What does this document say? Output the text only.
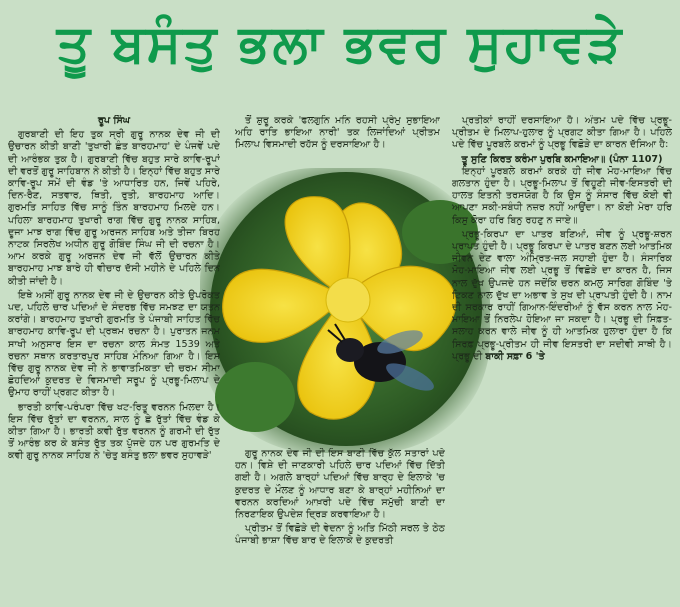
ਤੂ ਬਸੰਤੁ ਭਲਾ ਭਵਰ ਸੁਹਾਵੜੇ
ਰੂਪ ਸਿੰਘ

ਗੁਰਬਾਣੀ ਦੀ ਇਹ ਤੁਕ ਸ੍ਰੀ ਗੁਰੂ ਨਾਨਕ ਦੇਵ ਜੀ ਦੀ ਉਚਾਰਨ ਕੀਤੀ ਬਾਣੀ 'ਤੁਖਾਰੀ ਛੰਤ ਬਾਰਹਮਾਹ' ਦੇ ਪੰਜਵੇਂ ਪਦੇ ਦੀ ਆਰੰਭਕ ਤੁਕ ਹੈ। ਗੁਰਬਾਣੀ ਵਿੱਚ ਬਹੁਤ ਸਾਰੇ ਕਾਵਿ-ਰੂਪਾਂ ਦੀ ਵਰਤੋਂ ਗੁਰੂ ਸਾਹਿਬਾਨ ਨੇ ਕੀਤੀ ਹੈ। ਇਨ੍ਹਾਂ ਵਿੱਚ ਬਹੁਤ ਸਾਰੇ ਕਾਵਿ-ਰੂਪ ਸਮੇਂ ਦੀ ਵੰਡ 'ਤੇ ਆਧਾਰਿਤ ਹਨ, ਜਿਵੇਂ ਪਹਿਰੇ, ਦਿਨ-ਰੈਣ, ਸਤਵਾਰ, ਥਿਤੀ, ਰੁਤੀ, ਬਾਰਹਮਾਹ ਆਦਿ। ਗੁਰਮਤਿ ਸਾਹਿਤ ਵਿੱਚ ਸਾਨੂੰ ਤਿੰਨ ਬਾਰਹਮਾਹ ਮਿਲਦੇ ਹਨ। ਪਹਿਲਾ ਬਾਰਹਮਾਹ ਤੁਖਾਰੀ ਰਾਗ ਵਿੱਚ ਗੁਰੂ ਨਾਨਕ ਸਾਹਿਬ, ਦੂਜਾ ਮਾਝ ਰਾਗ ਵਿੱਚ ਗੁਰੂ ਅਰਜਨ ਸਾਹਿਬ ਅਤੇ ਤੀਜਾ ਬਿਰਹ ਨਾਟਕ ਸਿਰਲੇਖ ਅਧੀਨ ਗੁਰੂ ਗੋਬਿੰਦ ਸਿੰਘ ਜੀ ਦੀ ਰਚਨਾ ਹੈ। ਆਮ ਕਰਕੇ ਗੁਰੂ ਅਰਜਨ ਦੇਵ ਜੀ ਵੱਲੋਂ ਉਚਾਰਨ ਕੀਤੇ ਬਾਰਹਮਾਹ ਮਾਝ ਬਾਰੇ ਹੀ ਵੀਚਾਰ ਦੱਸੀ ਮਹੀਨੇ ਦੇ ਪਹਿਲੇ ਦਿਨ ਕੀਤੀ ਜਾਂਦੀ ਹੈ।

ਇਥੇ ਅਸੀਂ ਗੁਰੂ ਨਾਨਕ ਦੇਵ ਜੀ ਦੇ ਉਚਾਰਨ ਕੀਤੇ ਉਪਰੋਕਤ ਪਦ, ਪਹਿਲੇ ਚਾਰ ਪਦਿਆਂ ਦੇ ਸੰਦਰਭ ਵਿੱਚ ਸਮਝਣ ਦਾ ਯਤਨ ਕਰਾਂਗੇ। ਬਾਰਹਮਾਹ ਤੁਖਾਰੀ ਗੁਰਮਤਿ ਤੇ ਪੰਜਾਬੀ ਸਾਹਿਤ ਵਿੱਚ ਬਾਰਹਮਾਹ ਕਾਵਿ-ਰੂਪ ਦੀ ਪ੍ਰਥਮ ਰਚਨਾ ਹੈ। ਪੁਰਾਤਨ ਜਨਮ ਸਾਖੀ ਅਨੁਸਾਰ ਇਸ ਦਾ ਰਚਨਾ ਕਾਲ ਸੰਮਤ 1539 ਅਤੇ ਰਚਨਾ ਸਥਾਨ ਕਰਤਾਰਪੁਰ ਸਾਹਿਬ ਮੰਨਿਆ ਗਿਆ ਹੈ। ਇਸ ਵਿੱਚ ਗੁਰੂ ਨਾਨਕ ਦੇਵ ਜੀ ਨੇ ਭਾਵਾਤਮਿਕਤਾ ਦੀ ਚਰਮ ਸੀਮਾ ਛੋਹਦਿਆਂ ਕੁਦਰਤ ਦੇ ਵਿਸਮਾਦੀ ਸਰੂਪ ਨੂੰ ਪ੍ਰਭੂ-ਮਿਲਾਪ ਦੇ ਉਮਾਹ ਰਾਹੀਂ ਪ੍ਰਗਟ ਕੀਤਾ ਹੈ।

ਭਾਰਤੀ ਕਾਵਿ-ਪਰੰਪਰਾ ਵਿੱਚ ਖਟ-ਰਿਤੂ ਵਰਨਨ ਮਿਲਦਾ ਹੈ। ਇਸ ਵਿੱਚ ਰੁੱਤਾਂ ਦਾ ਵਰਨਨ, ਸਾਲ ਨੂੰ ਛੇ ਰੁੱਤਾਂ ਵਿੱਚ ਵੰਡ ਕੇ ਕੀਤਾ ਗਿਆ ਹੈ। ਭਾਰਤੀ ਕਵੀ ਰੁੱਤ ਵਰਨਨ ਨੂੰ ਗਰਮੀ ਦੀ ਰੁੱਤ ਤੋਂ ਆਰੰਭ ਕਰ ਕੇ ਬਸੰਤ ਰੁੱਤ ਤਕ ਪੁੱਜਦੇ ਹਨ ਪਰ ਗੁਰਮਤਿ ਦੇ ਕਵੀ ਗੁਰੂ ਨਾਨਕ ਸਾਹਿਬ ਨੇ 'ਚੇਤੁ ਬਸੰਤੁ ਭਲਾ ਭਵਰ ਸੁਹਾਵੜੇ'

ਤੋਂ ਸ਼ੁਰੂ ਕਰਕੇ 'ਫਲਗੁਨਿ ਮਨਿ ਰਹਸੀ ਪ੍ਰੇਮੁ ਸੁਭਾਇਆ ਅਹਿ ਰਾਤਿ ਭਾਇਆ ਨਾਰੀ' ਤਕ ਲਿਜਾਂਦਿਆਂ ਪ੍ਰੀਤਮ ਮਿਲਾਪ ਵਿਸਮਾਦੀ ਰਹੱਸ ਨੂੰ ਦਰਸਾਇਆ ਹੈ।

ਗੁਰੂ ਨਾਨਕ ਦੇਵ ਜੀ ਦੀ ਇਸ ਬਾਣੀ ਵਿੱਚ ਕੁੱਲ ਸਤਾਰਾਂ ਪਦੇ ਹਨ। ਵਿਸ਼ੇ ਦੀ ਜਾਣਕਾਰੀ ਪਹਿਲੇ ਚਾਰ ਪਦਿਆਂ ਵਿੱਚ ਦਿੱਤੀ ਗਈ ਹੈ। ਅਗਲੇ ਬਾਰ੍ਹਾਂ ਪਦਿਆਂ ਵਿੱਚ ਬਾਰ੍ਹ ਦੇ ਇਲਾਕੇ 'ਚ ਕੁਦਰਤ ਦੇ ਮੌਲਣ ਨੂੰ ਆਧਾਰ ਬਣਾ ਕੇ ਬਾਰ੍ਹਾਂ ਮਹੀਨਿਆਂ ਦਾ ਵਰਨਨ ਕਰਦਿਆਂ ਆਖ਼ਰੀ ਪਦੇ ਵਿੱਚ ਸਮੁੱਚੀ ਬਾਣੀ ਦਾ ਨਿਰਣਾਇਕ ਉਪਦੇਸ਼ ਦ੍ਰਿੜ ਕਰਵਾਇਆ ਹੈ।

ਪ੍ਰੀਤਮ ਤੋਂ ਵਿਛੋੜੇ ਦੀ ਵੇਦਨਾ ਨੂੰ ਅਤਿ ਮਿੱਠੀ ਸਰਲ ਤੇ ਠੇਠ ਪੰਜਾਬੀ ਭਾਸ਼ਾ ਵਿੱਚ ਬਾਰ ਦੇ ਇਲਾਕੇ ਦੇ ਕੁਦਰਤੀ

ਪ੍ਰਤੀਕਾਂ ਰਾਹੀਂ ਦਰਸਾਇਆ ਹੈ। ਅੰਤਮ ਪਦੇ ਵਿੱਚ ਪ੍ਰਭੂ-ਪ੍ਰੀਤਮ ਦੇ ਮਿਲਾਪ-ਹੁਲਾਰ ਨੂੰ ਪ੍ਰਗਟ ਕੀਤਾ ਗਿਆ ਹੈ। ਪਹਿਲੇ ਪਦੇ ਵਿੱਚ ਪੂਰਬਲੇ ਕਰਮਾਂ ਨੂੰ ਪ੍ਰਭੂ ਵਿਛੋੜੇ ਦਾ ਕਾਰਨ ਦੱਸਿਆ ਹੈ:

ਤੂ ਸੁਣਿ ਕਿਰਤ ਕਰੰਮਾ ਪੁਰਬਿ ਕਮਾਇਆ॥ (ਪੰਨਾ 1107)

ਇਨ੍ਹਾਂ ਪੂਰਬਲੇ ਕਰਮਾਂ ਕਰਕੇ ਹੀ ਜੀਵ ਮੋਹ-ਮਾਇਆ ਵਿੱਚ ਗਲਤਾਨ ਹੁੰਦਾ ਹੈ। ਪ੍ਰਭੂ-ਮਿਲਾਪ ਤੋਂ ਵਿਹੂਣੀ ਜੀਵ-ਇਸਤਰੀ ਦੀ ਹਾਲਤ ਇਤਨੀ ਤਰਸਯੋਗ ਹੈ ਕਿ ਉਸ ਨੂੰ ਸੰਸਾਰ ਵਿੱਚ ਕੋਈ ਵੀ ਆਪਣਾ ਸਕੀ-ਸਬੰਧੀ ਨਜ਼ਰ ਨਹੀਂ ਆਉਂਦਾ। ਨਾ ਕੋਈ ਮੇਰਾ ਹਰਿ ਕਿਸੁ ਕੋਰਾ ਹਰਿ ਬਿਨੁ ਰਹਣੁ ਨ ਜਾਏ॥

ਪ੍ਰਭੂ-ਕਿਰਪਾ ਦਾ ਪਾਤਰ ਬਣਿਆਂ, ਜੀਵ ਨੂੰ ਪ੍ਰਭੂ-ਸ਼ਰਨ ਪ੍ਰਾਪਤ ਹੁੰਦੀ ਹੈ। ਪ੍ਰਭੂ ਕਿਰਪਾ ਦੇ ਪਾਤਰ ਬਣਨ ਲਈ ਆਤਮਿਕ ਜੀਵਨ ਦੇਣ ਵਾਲਾ ਅੰਮ੍ਰਿਤ-ਜਲ ਸਹਾਈ ਹੁੰਦਾ ਹੈ। ਸੰਸਾਰਿਕ ਮੋਹ-ਮਾਇਆ ਜੀਵ ਲਈ ਪ੍ਰਭੂ ਤੋਂ ਵਿਛੋੜੇ ਦਾ ਕਾਰਨ ਹੈ, ਜਿਸ ਨਾਲ ਦੁੱਖ ਉਪਜਦੇ ਹਨ ਜਦੋਂਕਿ ਚਰਨ ਕਮਲੁ ਸਾਰਿਗ ਗੋਬਿੰਦ 'ਤੇ ਟਿਕਣ ਨਾਲ ਦੁੱਖ ਦਾ ਅਭਾਵ ਤੇ ਸੁਖ ਦੀ ਪ੍ਰਾਪਤੀ ਹੁੰਦੀ ਹੈ। ਨਾਮ ਦੀ ਸਰਕਾਰ ਰਾਹੀਂ ਗਿਆਨ-ਇੰਦਰੀਆਂ ਨੂੰ ਵੱਸ ਕਰਨ ਨਾਲ ਮੋਹ-ਮਾਇਆ ਤੋਂ ਨਿਰਲੇਪ ਹੋਇਆ ਜਾ ਸਕਦਾ ਹੈ। ਪ੍ਰਭੂ ਦੀ ਸਿਫ਼ਤ-ਸਲਾਹ ਕਰਨ ਵਾਲੇ ਜੀਵ ਨੂੰ ਹੀ ਆਤਮਿਕ ਹੁਲਾਰਾ ਹੁੰਦਾ ਹੈ ਕਿ ਸਿਰਫ਼ ਪ੍ਰਭੂ-ਪ੍ਰੀਤਮ ਹੀ ਜੀਵ ਇਸਤਰੀ ਦਾ ਸਦੀਵੀ ਸਾਥੀ ਹੈ। ਪ੍ਰਭੂ ਦੀ ਬਾਕੀ ਸਫ਼ਾ 6 'ਤੇ
